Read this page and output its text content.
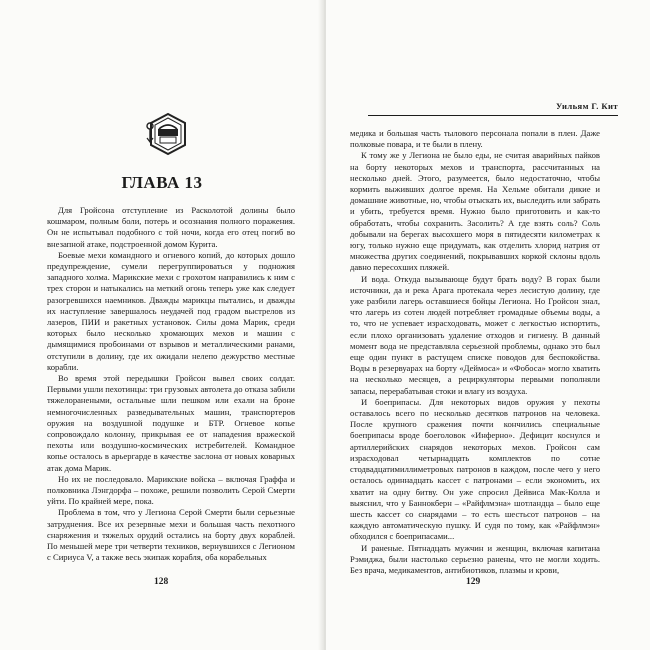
ГЛАВА 13

Для Гройсона отступление из Расколотой долины было кошмаром, полным боли, потерь и осознания полного поражения. Он не испытывал подобного с той ночи, когда его отец погиб во внезапной атаке, подстроенной домом Курита.

Боевые мехи командного и огневого копий, до которых дошло предупреждение, сумели перегруппироваться у подножия западного холма. Марикские мехи с грохотом направились к ним с трех сторон и натыкались на меткий огонь теперь уже как следует разогревшихся наемников. Дважды марикцы пытались, и дважды их наступление завершалось неудачей под градом выстрелов из лазеров, ПИИ и ракетных установок. Силы дома Марик, среди которых было несколько хромающих мехов и машин с дымящимися пробоинами от взрывов и металлическими ранами, отступили в долину, где их ожидали нелепо дежурство местные корабли.

Во время этой передышки Гройсон вывел своих солдат. Первыми ушли пехотинцы: три грузовых автолета до отказа забили тяжелоранеными, остальные шли пешком или ехали на броне немногочисленных разведывательных машин, транспортеров оружия на воздушной подушке и БТР. Огневое копье сопровождало колонну, прикрывая ее от нападения вражеской пехоты или воздушно-космических истребителей. Командное копье осталось в арьергарде в качестве заслона от новых коварных атак дома Марик.

Но их не последовало. Марикские войска – включая Граффа и полковника Лэнгдорфа – похоже, решили позволить Серой Смерти уйти. По крайней мере, пока.

Проблема в том, что у Легиона Серой Смерти были серьезные затруднения. Все их резервные мехи и большая часть пехотного снаряжения и тяжелых орудий остались на борту двух кораблей. По меньшей мере три четверти техников, вернувшихся с Легионом с Сириуса V, а также весь экипаж корабля, оба корабельных

128
Уильям Г. Кит

медика и большая часть тылового персонала попали в плен. Даже полковые повара, и те были в плену.

К тому же у Легиона не было еды, не считая аварийных пайков на борту некоторых мехов и транспорта, рассчитанных на несколько дней. Этого, разумеется, было недостаточно, чтобы кормить выживших долгое время. На Хельме обитали дикие и домашние животные, но, чтобы отыскать их, выследить или забрать и убить, требуется время. Нужно было приготовить и как-то обработать, чтобы сохранить. Засолить? А где взять соль? Соль добывали на берегах высохшего моря в пятидесяти километрах к югу, только нужно еще придумать, как отделить хлорид натрия от множества других соединений, покрывавших коркой склоны вдоль давно пересохших пляжей.

И вода. Откуда вызывающе будут брать воду? В горах были источники, да и река Арага протекала через лесистую долину, где уже разбили лагерь оставшиеся бойцы Легиона. Но Гройсон знал, что лагерь из сотен людей потребляет громадные объемы воды, а то, что не успевает израсходовать, может с легкостью испортить, если плохо организовать удаление отходов и гигиену. В данный момент вода не представляла серьезной проблемы, однако это был еще один пункт в растущем списке поводов для беспокойства. Воды в резервуарах на борту «Деймоса» и «Фобоса» могло хватить на несколько месяцев, а рециркуляторы первыми пополняли запасы, перерабатывая стоки и влагу из воздуха.

И боеприпасы. Для некоторых видов оружия у пехоты оставалось всего по несколько десятков патронов на человека. После крупного сражения почти кончились специальные боеприпасы вроде боеголовок «Инферно». Дефицит коснулся и артиллерийских снарядов некоторых мехов. Гройсон сам израсходовал четырнадцать комплектов по сотне стодвадцатимиллиметровых патронов в каждом, после чего у него осталось одиннадцать кассет с патронами – если экономить, их хватит на одну битву. Он уже спросил Дейвиса Мак-Колла и выяснил, что у Баннокберн – «Райфлмэна» шотландца – было еще шесть кассет со снарядами – то есть шестьсот патронов – на каждую автоматическую пушку. И судя по тому, как «Райфлмэн» обходился с боеприпасами...

И раненые. Пятнадцать мужчин и женщин, включая капитана Рэмиджа, были настолько серьезно ранены, что не могли ходить. Без врача, медикаментов, антибиотиков, плазмы и крови,

129
